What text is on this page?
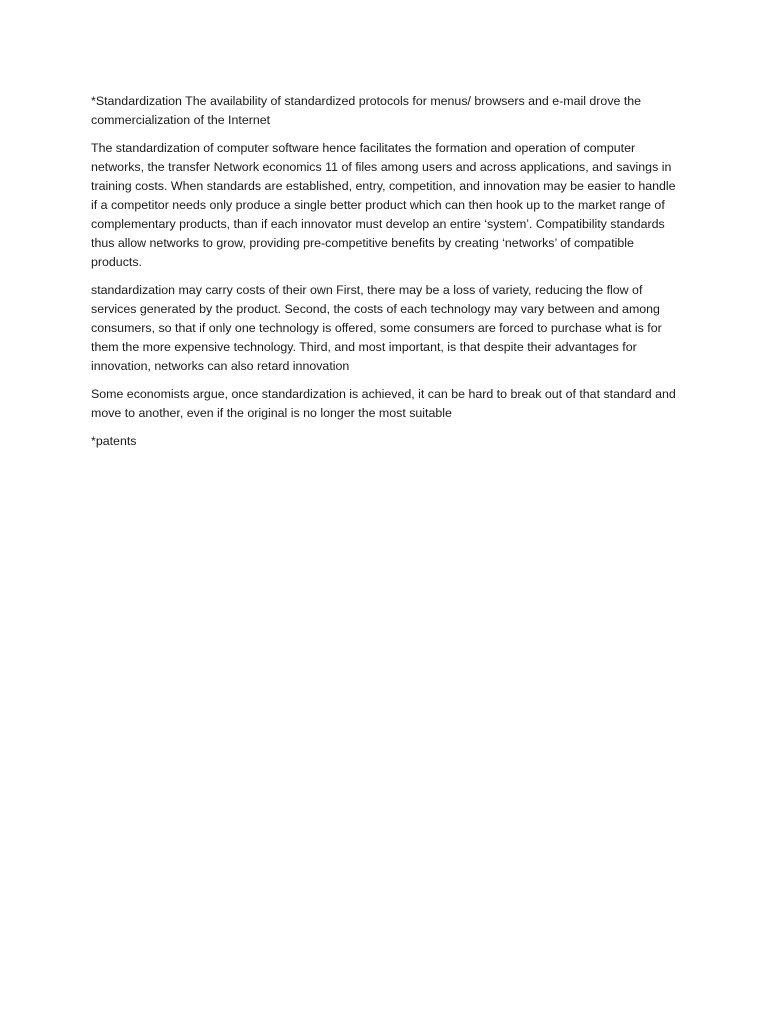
*Standardization The availability of standardized protocols for menus/ browsers and e-mail drove the commercialization of the Internet

The standardization of computer software hence facilitates the formation and operation of computer networks, the transfer Network economics 11 of files among users and across applications, and savings in training costs. When standards are established, entry, competition, and innovation may be easier to handle if a competitor needs only produce a single better product which can then hook up to the market range of complementary products, than if each innovator must develop an entire ‘system’. Compatibility standards thus allow networks to grow, providing pre-competitive benefits by creating ‘networks’ of compatible products.

standardization may carry costs of their own First, there may be a loss of variety, reducing the flow of services generated by the product. Second, the costs of each technology may vary between and among consumers, so that if only one technology is offered, some consumers are forced to purchase what is for them the more expensive technology. Third, and most important, is that despite their advantages for innovation, networks can also retard innovation

Some economists argue, once standardization is achieved, it can be hard to break out of that standard and move to another, even if the original is no longer the most suitable

*patents
